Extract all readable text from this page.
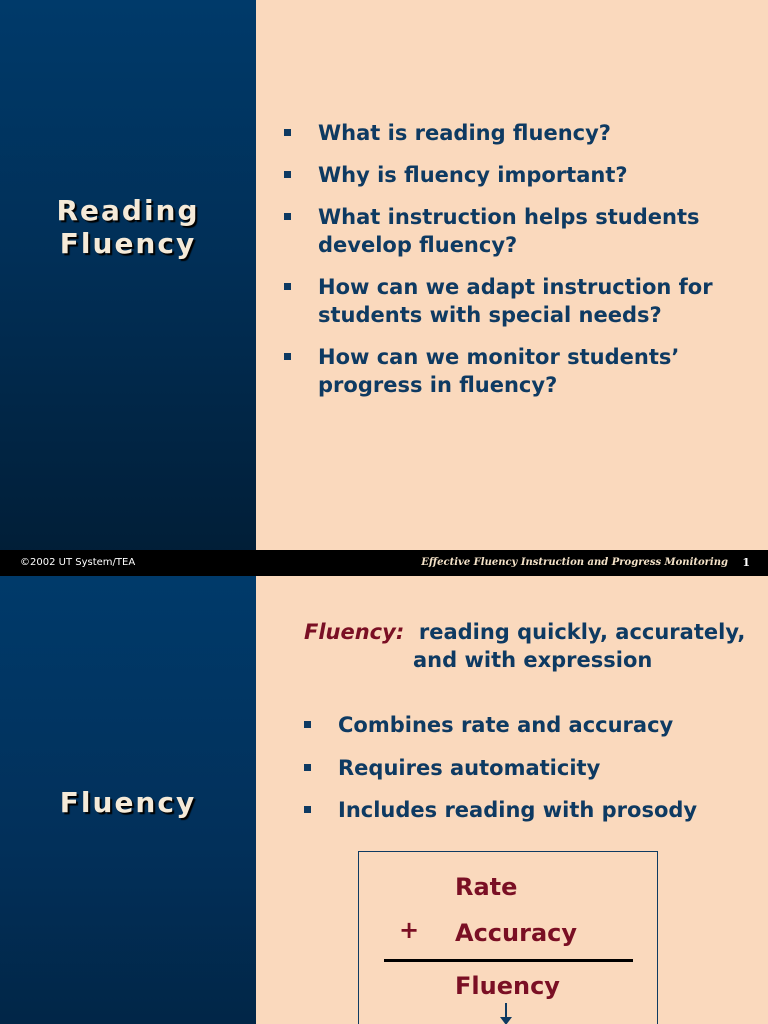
Reading
Fluency
What is reading fluency?
Why is fluency important?
What instruction helps students develop fluency?
How can we adapt instruction for students with special needs?
How can we monitor students’ progress in fluency?
©2002 UT System/TEA	Effective Fluency Instruction and Progress Monitoring 1
Fluency
Fluency: reading quickly, accurately,
and with expression
Combines rate and accuracy
Requires automaticity
Includes reading with prosody
Rate
+ Accuracy
Fluency
